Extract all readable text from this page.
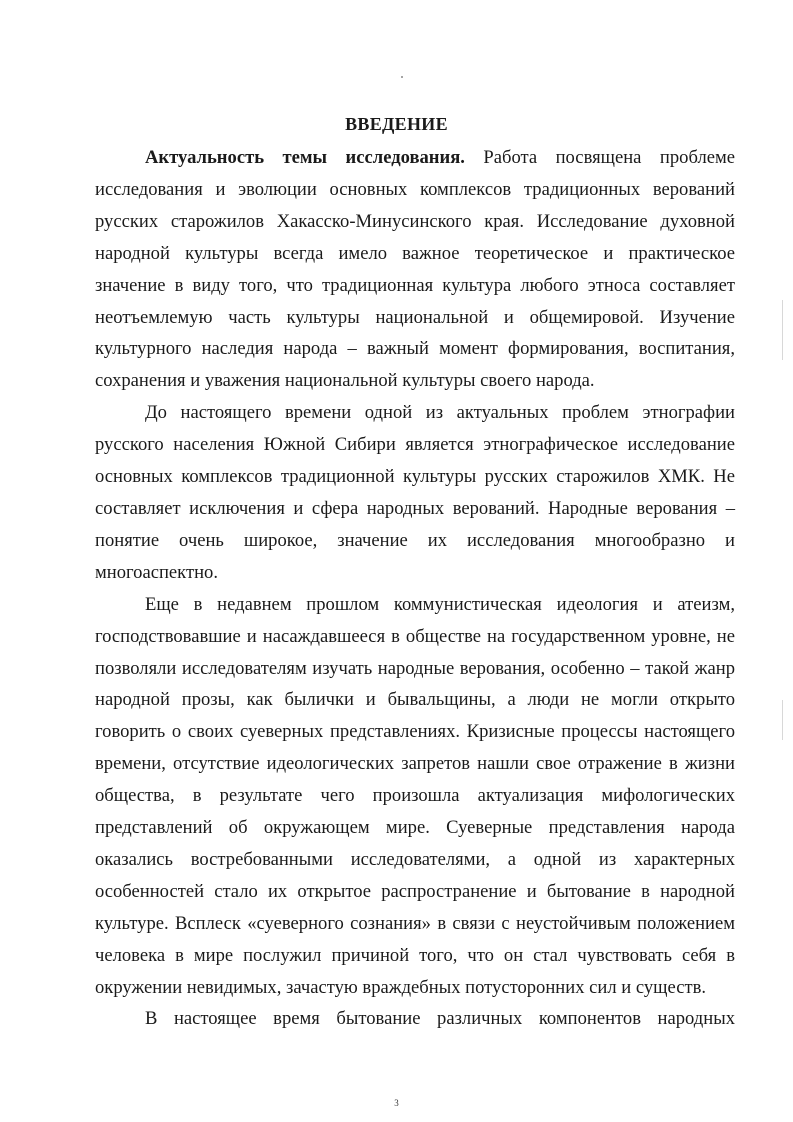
ВВЕДЕНИЕ

Актуальность темы исследования. Работа посвящена проблеме исследования и эволюции основных комплексов традиционных верований русских старожилов Хакасско-Минусинского края. Исследование духовной народной культуры всегда имело важное теоретическое и практическое значение в виду того, что традиционная культура любого этноса составляет неотъемлемую часть культуры национальной и общемировой. Изучение культурного наследия народа – важный момент формирования, воспитания, сохранения и уважения национальной культуры своего народа.

До настоящего времени одной из актуальных проблем этнографии русского населения Южной Сибири является этнографическое исследование основных комплексов традиционной культуры русских старожилов ХМК. Не составляет исключения и сфера народных верований. Народные верования – понятие очень широкое, значение их исследования многообразно и многоаспектно.

Еще в недавнем прошлом коммунистическая идеология и атеизм, господствовавшие и насаждавшееся в обществе на государственном уровне, не позволяли исследователям изучать народные верования, особенно – такой жанр народной прозы, как былички и бывальщины, а люди не могли открыто говорить о своих суеверных представлениях. Кризисные процессы настоящего времени, отсутствие идеологических запретов нашли свое отражение в жизни общества, в результате чего произошла актуализация мифологических представлений об окружающем мире. Суеверные представления народа оказались востребованными исследователями, а одной из характерных особенностей стало их открытое распространение и бытование в народной культуре. Всплеск «суеверного сознания» в связи с неустойчивым положением человека в мире послужил причиной того, что он стал чувствовать себя в окружении невидимых, зачастую враждебных потусторонних сил и существ.

В настоящее время бытование различных компонентов народных

3
